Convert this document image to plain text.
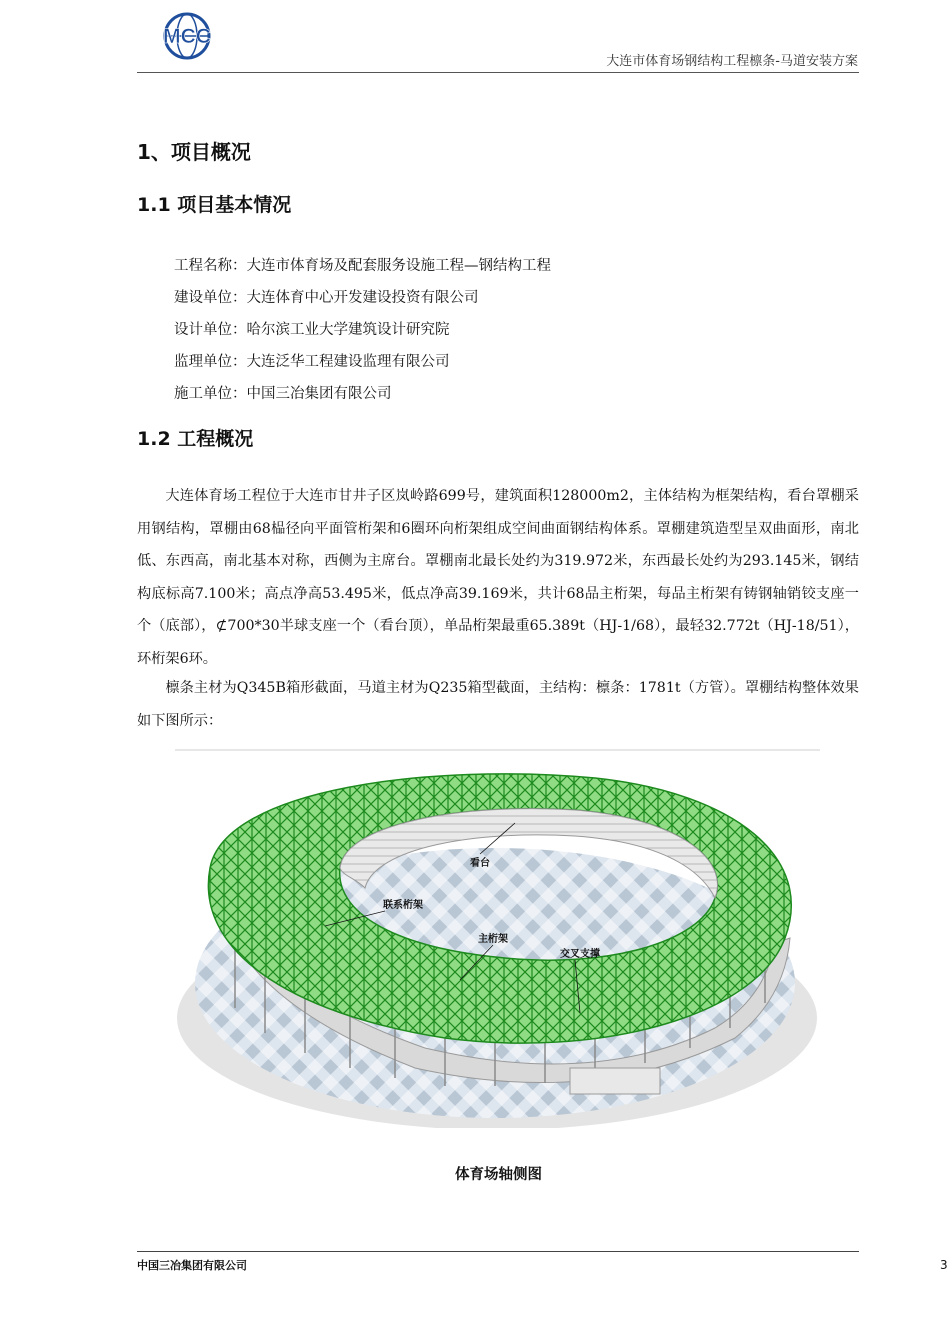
MCC
大连市体育场钢结构工程檩条-马道安装方案
1、项目概况
1.1 项目基本情况
工程名称：大连市体育场及配套服务设施工程—钢结构工程
建设单位：大连体育中心开发建设投资有限公司
设计单位：哈尔滨工业大学建筑设计研究院
监理单位：大连泛华工程建设监理有限公司
施工单位：中国三冶集团有限公司
1.2 工程概况

大连体育场工程位于大连市甘井子区岚岭路699号，建筑面积128000m2，主体结构为框架结构，看台罩棚采用钢结构，罩棚由68榀径向平面管桁架和6圈环向桁架组成空间曲面钢结构体系。罩棚建筑造型呈双曲面形，南北低、东西高，南北基本对称，西侧为主席台。罩棚南北最长处约为319.972米，东西最长处约为293.145米，钢结构底标高7.100米；高点净高53.495米，低点净高39.169米，共计68品主桁架，每品主桁架有铸钢轴销铰支座一个（底部），⊄700*30半球支座一个（看台顶），单品桁架最重65.389t（HJ-1/68），最轻32.772t（HJ-18/51），环桁架6环。

檩条主材为Q345B箱形截面，马道主材为Q235箱型截面，主结构：檩条：1781t（方管）。罩棚结构整体效果如下图所示：

看台
联系桁架
主桁架
交叉支撑
体育场轴侧图
中国三冶集团有限公司	3
